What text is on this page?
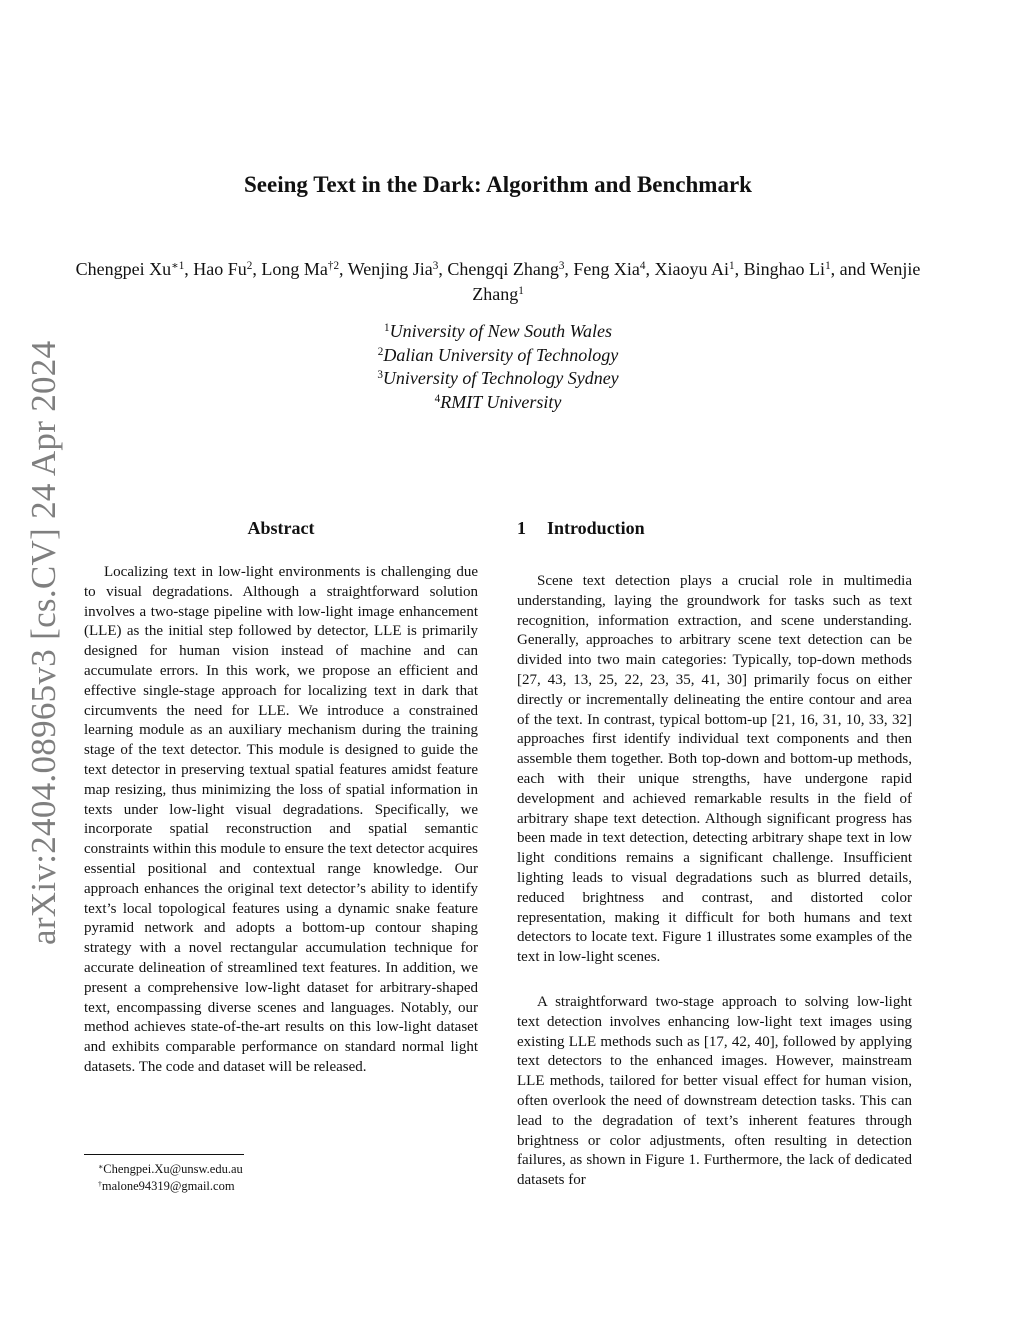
arXiv:2404.08965v3 [cs.CV] 24 Apr 2024
Seeing Text in the Dark: Algorithm and Benchmark
Chengpei $Xu^{∗1}$, Hao Fu$^2$, Long Ma$^{\dagger 2}$, Wenjing Jia$^3$, Chengqi Zhang$^3$, Feng Xia$^4$, Xiaoyu Ai$^1$, Binghao Li$^1$, and Wenjie Zhang$^1$
$^1$University of New South Wales
$^2$Dalian University of Technology
$^3$University of Technology Sydney
$^4$RMIT University
Abstract

Localizing text in low-light environments is challenging due to visual degradations. Although a straightforward solution involves a two-stage pipeline with low-light image enhancement (LLE) as the initial step followed by detector, LLE is primarily designed for human vision instead of machine and can accumulate errors. In this work, we propose an efficient and effective single-stage approach for localizing text in dark that circumvents the need for LLE. We introduce a constrained learning module as an auxiliary mechanism during the training stage of the text detector. This module is designed to guide the text detector in preserving textual spatial features amidst feature map resizing, thus minimizing the loss of spatial information in texts under low-light visual degradations. Specifically, we incorporate spatial reconstruction and spatial semantic constraints within this module to ensure the text detector acquires essential positional and contextual range knowledge. Our approach enhances the original text detector’s ability to identify text’s local topological features using a dynamic snake feature pyramid network and adopts a bottom-up contour shaping strategy with a novel rectangular accumulation technique for accurate delineation of streamlined text features. In addition, we present a comprehensive low-light dataset for arbitrary-shaped text, encompassing diverse scenes and languages. Notably, our method achieves state-of-the-art results on this low-light dataset and exhibits comparable performance on standard normal light datasets. The code and dataset will be released.

1 Introduction

Scene text detection plays a crucial role in multimedia understanding, laying the groundwork for tasks such as text recognition, information extraction, and scene understanding. Generally, approaches to arbitrary scene text detection can be divided into two main categories: Typically, top-down methods [27, 43, 13, 25, 22, 23, 35, 41, 30] primarily focus on either directly or incrementally delineating the entire contour and area of the text. In contrast, typical bottom-up [21, 16, 31, 10, 33, 32] approaches first identify individual text components and then assemble them together. Both top-down and bottom-up methods, each with their unique strengths, have undergone rapid development and achieved remarkable results in the field of arbitrary shape text detection. Although significant progress has been made in text detection, detecting arbitrary shape text in low light conditions remains a significant challenge. Insufficient lighting leads to visual degradations such as blurred details, reduced brightness and contrast, and distorted color representation, making it difficult for both humans and text detectors to locate text. Figure 1 illustrates some examples of the text in low-light scenes.

A straightforward two-stage approach to solving low-light text detection involves enhancing low-light text images using existing LLE methods such as [17, 42, 40], followed by applying text detectors to the enhanced images. However, mainstream LLE methods, tailored for better visual effect for human vision, often overlook the need of downstream detection tasks. This can lead to the degradation of text’s inherent features through brightness or color adjustments, often resulting in detection failures, as shown in Figure 1. Furthermore, the lack of dedicated datasets for

∗Chengpei.Xu@unsw.edu.au

†malone94319@gmail.com
